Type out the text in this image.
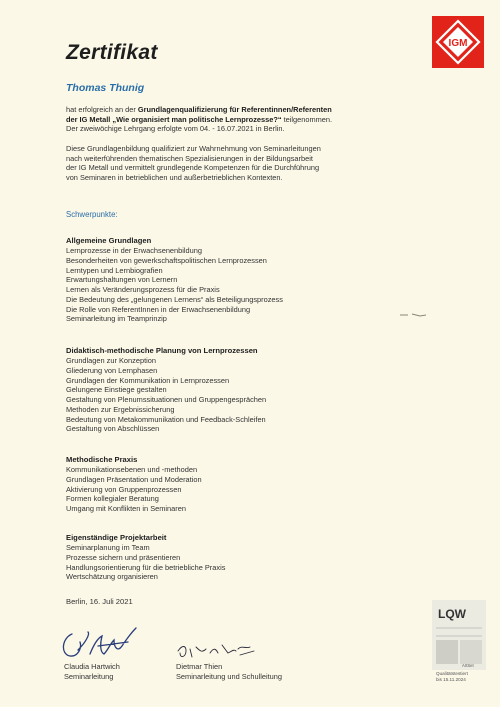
Zertifikat	IGM
Thomas Thunig
hat erfolgreich an der Grundlagenqualifizierung für Referentinnen/Referenten
der IG Metall „Wie organisiert man politische Lernprozesse?“ teilgenommen.
Der zweiwöchige Lehrgang erfolgte vom 04. - 16.07.2021 in Berlin.
Diese Grundlagenbildung qualifiziert zur Wahrnehmung von Seminarleitungen
nach weiterführenden thematischen Spezialisierungen in der Bildungsarbeit
der IG Metall und vermittelt grundlegende Kompetenzen für die Durchführung
von Seminaren in betrieblichen und außerbetrieblichen Kontexten.
Schwerpunkte:
Allgemeine Grundlagen
Lernprozesse in der Erwachsenenbildung
Besonderheiten von gewerkschaftspolitischen Lernprozessen
Lerntypen und Lernbiografien
Erwartungshaltungen von Lernern
Lernen als Veränderungsprozess für die Praxis
Die Bedeutung des „gelungenen Lernens“ als Beteiligungsprozess
Die Rolle von ReferentInnen in der Erwachsenenbildung
Seminarleitung im Teamprinzip
Didaktisch-methodische Planung von Lernprozessen
Grundlagen zur Konzeption
Gliederung von Lernphasen
Grundlagen der Kommunikation in Lernprozessen
Gelungene Einstiege gestalten
Gestaltung von Plenumssituationen und Gruppengesprächen
Methoden zur Ergebnissicherung
Bedeutung von Metakommunikation und Feedback-Schleifen
Gestaltung von Abschlüssen
Methodische Praxis
Kommunikationsebenen und -methoden
Grundlagen Präsentation und Moderation
Aktivierung von Gruppenprozessen
Formen kollegialer Beratung
Umgang mit Konflikten in Seminaren
Eigenständige Projektarbeit
Seminarplanung im Team
Prozesse sichern und präsentieren
Handlungsorientierung für die betriebliche Praxis
Wertschätzung organisieren
Berlin, 16. Juli 2021
Claudia Hartwich
Seminarleitung
Dietmar Thien
Seminarleitung und Schulleitung
LQW
ArtSet
Qualitätstestiert
bis 15.11.2024
